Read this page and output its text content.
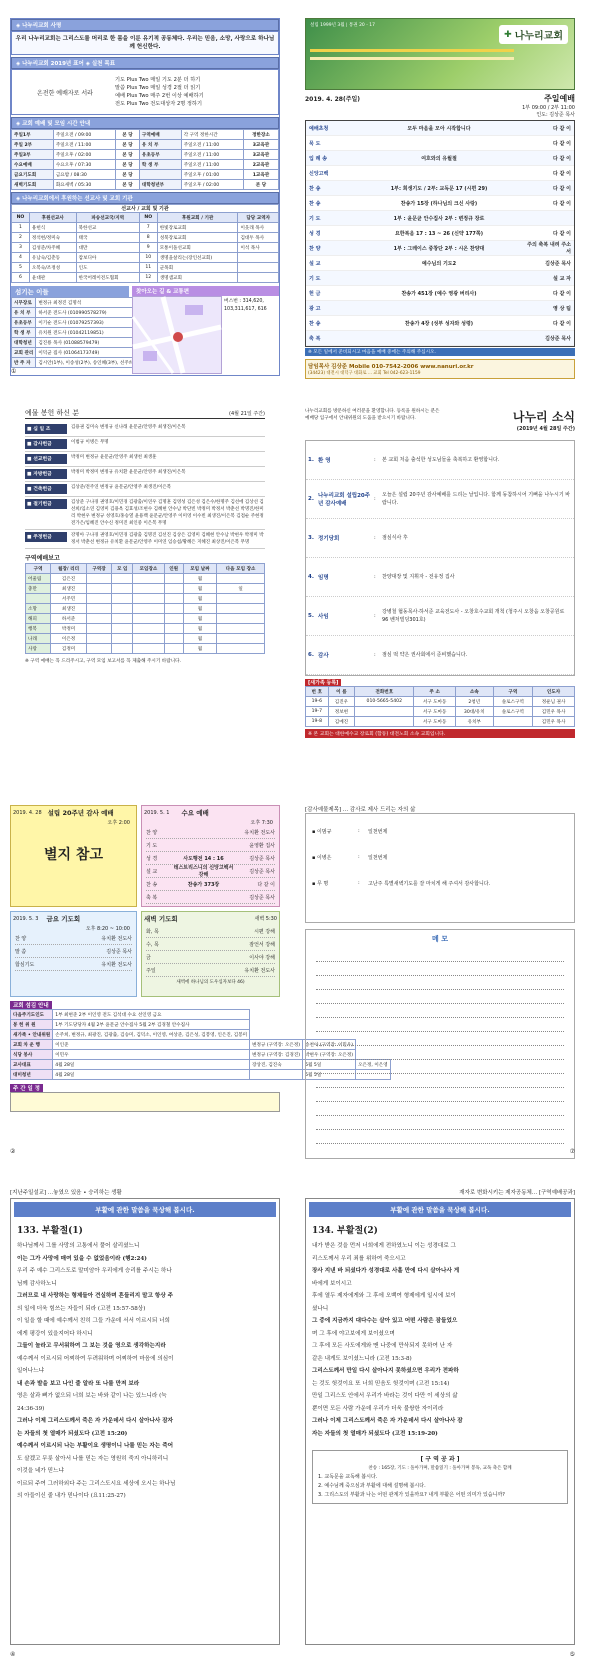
◈ 나누리교회 사명
우리 나누리교회는 그리스도를 머리로 한 몸을 이룬 유기적 공동체다. 우리는 믿음, 소망, 사랑으로 하나님께 헌신한다.
◈ 나누리교회 2019년 표어 ◈ 실천 목표
온전한 예배자로 서라
기도 Plus Two 매일 기도 2분 더 하기
말씀 Plus Two 매일 성경 2절 더 읽기
예배 Plus Two 매주 2번 이상 예배하기
전도 Plus Two 전도대상자 2명 정하기
◈ 교회 예배 및 모임 시간 안내
주일1부	주일오전 / 09:00	본 당	구역예배	각 구역 정한시간	정한장소
주일 2부	주일오전 / 11:00	본 당	유 치 부	주일오전 / 11:00	3교육관
주일3부	주일오후 / 02:00	본 당	유초등부	주일오전 / 11:00	3교육관
수요예배	수요오후 / 07:30	본 당	학 생 부	주일오전 / 11:00	2교육관
금요기도회	금요밤 / 08:30	본 당		주일오후 / 01:00	1교육관
새벽기도회	화요새벽 / 05:30	본 당	대학청년부	주일오후 / 02:00	본 당
◈ 나누리교회에서 후원하는 선교사 및 교회 기관
선교사 / 교회 및 기관
NO	후원선교사	파송선교국/지역	NO	후원교회 / 기관	담당 교역자
1	용헌식	북한선교	7	한빛장로교회	이웃래 목사
2	정석현/정미숙	태국	8	성북장로교회	김대두 목사
3	김성준/차주혜	대만	9	모퉁이돌선교회	이석 목사
4	유남숙/김춘동	캄보디아	10	생명을살리는(장인선교회)	
5	오복숙/조정성	인도	11	군목회	
6	윤대관	한국어레이전도협회	12	생명샘교회	
섬기는 이들
시무장로	변정규 최정진 김명석
유 치 부	하서준 전도사 (010990578279)
유초등부	이기순 전도사 (01079257393)
학 생 부	유치원 전도사 (01042119851)
대학청년	김진룡 목사 (01088579479)
교회 관리	이덕균 집사 (01064173749)
반 주 자	김시안(1부), 이송성(2부), 송인혜(3부), 선주희(수요)
찾아오는 길 & 교통편
버스번 : 314,620, 103,311,617, 616
①
설립 1999년 3월 | 통권 20 - 17
✚ 나누리교회
2019. 4. 28(주일)	주일예배
1부 09:00 / 2부 11:00
인도: 김상준 목사
예배초청	모두 마음을 모아 시작합니다	다 같 이
묵 도	다 같 이
입 례 송	여호와의 유월절	다 같 이
신앙고백	다 같 이
찬 송	1부: 희생기도 / 2부: 교독문 17 (시편 29)	다 같 이
찬 송	찬송가 15장 (하나님의 크신 사랑)	다 같 이
기 도	1부 : 윤문균 안수집사 2부 : 변정규 장로
성 경	요한복음 17 : 13 ~ 26 (신약 177쪽)	다 같 이
찬 양	1부 : 그레이스 중창단 2부 : 시온 찬양대
주의 축복 내려 주소서
설 교	예수님의 기도2	김상준 목사
기 도	설 교 자
헌 금	찬송가 451장 (예수 영광 버리사)	다 같 이
광 고	영 상 팀
찬 송	찬송가 4장 (성부 성자와 성령)	다 같 이
축 복	김상준 목사
※ 모든 일에서 준비되시고 마음을 예배 중에는 주의해 주십시오.
담임목사 김상준 Mobile 010-7542-2006 www.nanuri.or.kr
(34423) 대전시 대덕구 대화로 ... 교회 Tel 042-623-1159
예물 봉헌 하신 분	(4월 21일 주간)
■ 십 일 조	김용권 김미숙 변정규 신나래 윤문균/안영주 최생진/이은복
■ 감사헌금	이범규 이병은 무명
■ 선교헌금	박정미 변정규 윤문균/안영주 최생천 최생훈
■ 자방헌금	박정미 박정미 변정규 유치환 윤문균/안영주 최생진/이은복
■ 건축헌금	김상준/전주연 변정규 윤문균/안영주 최생진/이은복
■ 절기헌금	김상준 구나경 권영호/이민경 김광출/이연우 김명훈 김영성 김은성 김은수/한명주 김선에 김상선 김선희/임소연 김영미 김용옥 김효성/조현수 김혜현 안수남 박단빈 박정미 박정서 박춘선 박명진/한미리 박현우 변정규 성영호/홍승열 윤용백 윤문균/안영주 이미영 이수빈 최생진/이은복 김점순 주현정 전가은/임혜진 안수신 정미진 최인중 이은복 무명
■ 주정헌금	강명아 구나경 권영호/이민경 김광출 김명진 김선진 김상은 김영미 김혜현 안수남 박현우 박정미 박정서 박춘선 변정규 유치환 윤문균/안영주 이미연 임승섭/황혜은 지혜진 최상진/이은복 무명
구역예배보고
구역	월장/ 리더	구역장	모 임	모임장소	인원	모임 날짜	다음 모임 장소
어울림	김은진					월	
충만	최생진					월	일
	서주민					월	
소망	최생진					월	
해피	하서준					월	
행복	박정미					월	
나래	이은정					월	
사랑	김정미					월	
※ 구역 예배는 꼭 드리주시고, 구역 모임 보고서를 꼭 제출해 주시기 바랍니다.
나누리교회를 방문하신 여러분을 환영합니다. 등록을 원하시는 분은 예배당 입구에서 안내위원의 도움을 받으시기 바랍니다.	나누리 소식
(2019년 4월 28일 주간)
1. 환 영	:	본 교회 처음 출석한 성도님들을 축복하고 환영합니다.
2. 나누리교회 설립20주년 감사예배
:
오늘은 설립 20주년 감사예배를 드리는 날입니다. 함께 동참하시어 기뻐을 나누시기 바랍니다.
3. 정기당회	:	점심식사 후
4. 임명	:	찬양대장 및 지휘자 - 전유정 집사
5. 사임	:
강병철 협동목사·하서준 교육전도사 - 오창호수교회 개척 (청주시 오창읍 오창공원로 96 벤처빌딩301호)
6. 감사	:	점심 떡 약은 권사회에서 준비했습니다.
[새가족 등록]
번 호	이 름	전화번호	주 소	소속	구역	인도자
19-6	김진우	010-5665-5402	서구 도마동	2청년	솔로스구역	정운님 권사
19-7	정보현		서구 도마동	30대/유치	솔로스구역	김민우 목사
19-8	김예진		서구 도마동	유치부		김민우 목사
※ 본 교회는 대한예수교 장로회 (합동) 대전노회 소속 교회입니다.
2019. 4. 28 설립 20주년 감사 예배
오후 2:00
별지 참고
2019. 5. 1 수요 예배
오후 7:30
찬 양	유치환 전도사
기 도	윤영환 집사
성 경	사도행전 14 : 16	김상준 목사
설 교
테스트리스니의 신앙고백서 강해
김상준 목사
찬 송	찬송가 373장	다 같 이
축 복	김상준 목사
2019. 5. 3 금요 기도회
오후 8:20 ~ 10:00
찬 양	유치환 전도사
말 씀	김상준 목사
합심기도	유치환 전도사
새벽 기도회	새벽 5:30
화, 목	시편 강해
수, 목	잠언서 강해
금	이사야 강해
주일	유치환 전도사
새벽에 하나님의 도우심자보다 46)
교회 섬김 안내
다음주기도인도	1부 최현준 2부 이인영 전도 김석대 수요 선인영 금요			
봉 헌 위 원	1부 기도당당자 4월 2부 윤문균 안수집사 5월 2부 김경철 안수집사			
새가족 • 안내위원	손주희, 변정규, 최광진, 김광출, 김승미, 김덕소, 이인영, 여상준, 김은성, 김봉영, 인은진, 김봉미			
교회 차 운 행	이인준	변정규 (구역장: 오은정)	송천아 (구역장: 이민우)	
식당 봉사	이민우	변정규 (구역장: 김경진)	박현우 (구역장: 오은정)	
교사대표	4월 28일	장상진, 김진숙	5월 5일	오은정, 이은영
대미청년	4월 28일		5월 5일	
주 간 일 정
②
[감사예물제목] ... 감사로 제사 드리는 자의 삶
▪ 이범규	:	일천번제
▪ 이병은	:	일천번제
▪ 무 명	:	고난주 특별새벽기도를 잘 마치게 해 주셔서 감사합니다.
메 모
⑦
[지난주일설교] ...놓였으 있음 • 승리하는 생활
부활에 관한 말씀을 묵상해 봅시다.
133. 부활절(1)
하나님께서 그를 사망의 고통에서 풀어 살리셨느니
이는 그가 사망에 매여 있을 수 없었음이라 (행2:24)
우리 주 예수 그리스도로 말미암아 우리에게 승리를 주시는 하나
님께 감사하노니
그러므로 내 사랑하는 형제들아 견실하며 흔들리지 말고 항상 주
의 일에 더욱 힘쓰는 자들이 되라 (고전 15:57-58상)
이 일을 할 때에 예수께서 친히 그들 가운데 서서 이르시되 너희
에게 평강이 있을지어다 하시니
그들이 놀라고 무서워하여 그 보는 것을 영으로 생각하는지라
예수께서 이르시되 어찌하여 두려워하며 어찌하여 마음에 의심이
일어나느냐
내 손과 발을 보고 나인 줄 알라 또 나를 만져 보라
영은 살과 뼈가 없으되 너희 보는 바와 같이 나는 있느니라 (눅
24:36-39)
그러나 이제 그리스도께서 죽은 자 가운데서 다시 살아나사 잠자
는 자들의 첫 열매가 되셨도다 (고전 15:20)
예수께서 이르시되 나는 부활이요 생명이니 나를 믿는 자는 죽어
도 살겠고 무릇 살아서 나를 믿는 자는 영원히 죽지 아니하리니
이것을 네가 믿느냐
이르되 주여 그러하외다 주는 그리스도시요 세상에 오시는 하나님
의 아들이신 줄 내가 믿나이다 (요11:25-27)
④
재자로 변화시키는 제자공동체... [구역예배공과]
부활에 관한 말씀을 묵상해 봅시다.
134. 부활절(2)
내가 받은 것을 먼저 너희에게 전하였노니 이는 성경대로 그
리스도께서 우리 죄를 위하여 죽으시고
장사 지낸 바 되셨다가 성경대로 사흘 만에 다시 살아나사 게
바에게 보이시고
후에 열두 제자에게와 그 후에 오백여 형제에게 일시에 보이
셨나니
그 중에 지금까지 대다수는 살아 있고 어떤 사람은 잠들었으
며 그 후에 야고보에게 보이셨으며
그 후에 모든 사도에게와 맨 나중에 만삭되지 못하여 난 자
같은 내게도 보이셨느니라 (고전 15:3-8)
그리스도께서 만일 다시 살아나지 못하셨으면 우리가 전파하
는 것도 헛것이요 또 너희 믿음도 헛것이며 (고전 15:14)
만일 그리스도 안에서 우리가 바라는 것이 다만 이 세상의 삶
뿐이면 모든 사람 가운데 우리가 더욱 불쌍한 자이리라
그러나 이제 그리스도께서 죽은 자 가운데서 다시 살아나사 잠
자는 자들의 첫 열매가 되셨도다 (고전 15:19-20)
[ 구 역 공 과 ]
찬송 : 165장, 기도 : 돌아가며, 말씀읽기 : 돌아가며 봉독, 교독 축은 합께
1. 교독문을 교독해 봅시다.
2. 예수님께 죽으심과 부활에 대해 설명해 봅시다.
3. 그리스도의 부활과 나는 어떤 관계가 있을까요? 내게 부활은 어떤 의미가 있습니까?
⑤
